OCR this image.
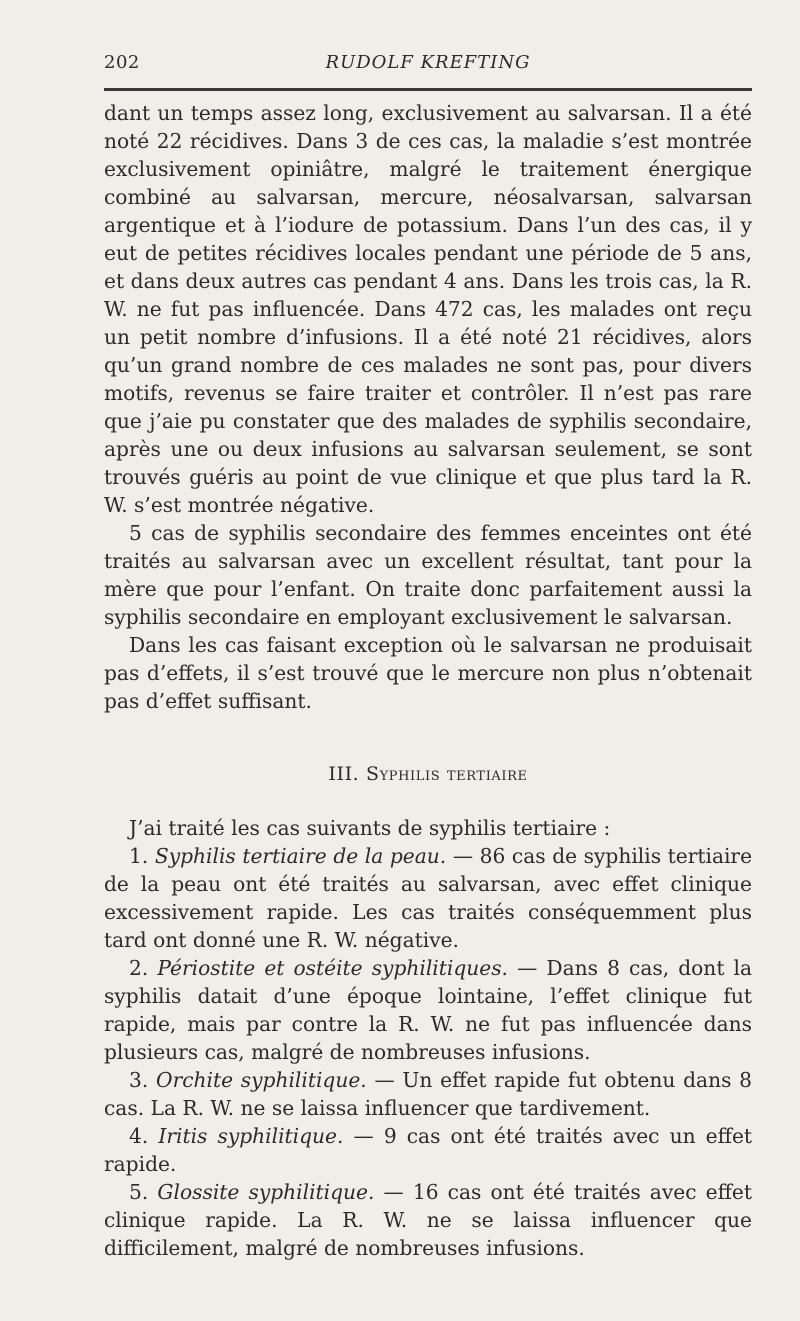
202	RUDOLF KREFTING

dant un temps assez long, exclusivement au salvarsan. Il a été noté 22 récidives. Dans 3 de ces cas, la maladie s’est montrée exclusivement opiniâtre, malgré le traitement énergique combiné au salvarsan, mercure, néosalvarsan, salvarsan argentique et à l’iodure de potassium. Dans l’un des cas, il y eut de petites récidives locales pendant une période de 5 ans, et dans deux autres cas pendant 4 ans. Dans les trois cas, la R. W. ne fut pas influencée. Dans 472 cas, les malades ont reçu un petit nombre d’infusions. Il a été noté 21 récidives, alors qu’un grand nombre de ces malades ne sont pas, pour divers motifs, revenus se faire traiter et contrôler. Il n’est pas rare que j’aie pu constater que des malades de syphilis secondaire, après une ou deux infusions au salvarsan seulement, se sont trouvés guéris au point de vue clinique et que plus tard la R. W. s’est montrée négative.

5 cas de syphilis secondaire des femmes enceintes ont été traités au salvarsan avec un excellent résultat, tant pour la mère que pour l’enfant. On traite donc parfaitement aussi la syphilis secondaire en employant exclusivement le salvarsan.

Dans les cas faisant exception où le salvarsan ne produisait pas d’effets, il s’est trouvé que le mercure non plus n’obtenait pas d’effet suffisant.

III. Syphilis tertiaire

J’ai traité les cas suivants de syphilis tertiaire :

1. Syphilis tertiaire de la peau. — 86 cas de syphilis tertiaire de la peau ont été traités au salvarsan, avec effet clinique excessivement rapide. Les cas traités conséquemment plus tard ont donné une R. W. négative.

2. Périostite et ostéite syphilitiques. — Dans 8 cas, dont la syphilis datait d’une époque lointaine, l’effet clinique fut rapide, mais par contre la R. W. ne fut pas influencée dans plusieurs cas, malgré de nombreuses infusions.

3. Orchite syphilitique. — Un effet rapide fut obtenu dans 8 cas. La R. W. ne se laissa influencer que tardivement.

4. Iritis syphilitique. — 9 cas ont été traités avec un effet rapide.

5. Glossite syphilitique. — 16 cas ont été traités avec effet clinique rapide. La R. W. ne se laissa influencer que difficilement, malgré de nombreuses infusions.
